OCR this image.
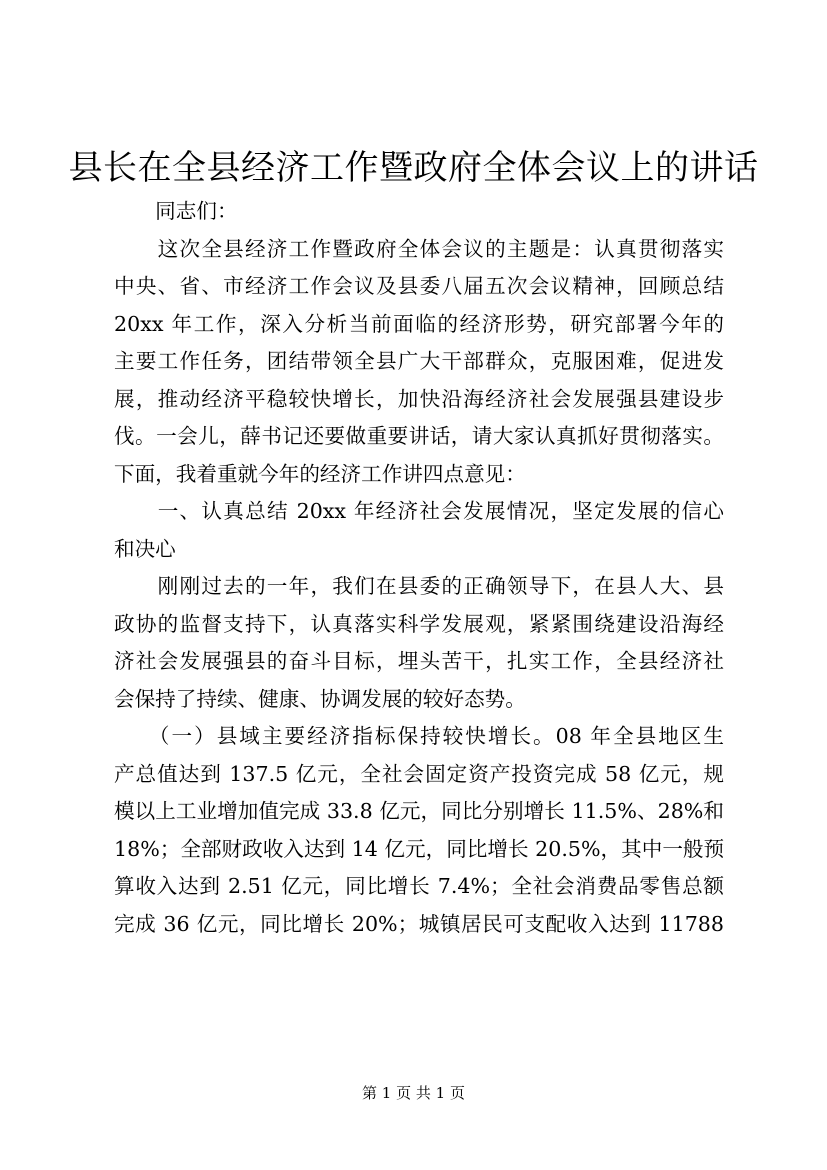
县长在全县经济工作暨政府全体会议上的讲话
　　同志们：
　　这次全县经济工作暨政府全体会议的主题是：认真贯彻落实
中央、省、市经济工作会议及县委八届五次会议精神，回顾总结
20xx 年工作，深入分析当前面临的经济形势，研究部署今年的
主要工作任务，团结带领全县广大干部群众，克服困难，促进发
展，推动经济平稳较快增长，加快沿海经济社会发展强县建设步
伐。一会儿，薛书记还要做重要讲话，请大家认真抓好贯彻落实。
下面，我着重就今年的经济工作讲四点意见：
　　一、认真总结 20xx 年经济社会发展情况，坚定发展的信心
和决心
　　刚刚过去的一年，我们在县委的正确领导下，在县人大、县
政协的监督支持下，认真落实科学发展观，紧紧围绕建设沿海经
济社会发展强县的奋斗目标，埋头苦干，扎实工作，全县经济社
会保持了持续、健康、协调发展的较好态势。
　　（一）县域主要经济指标保持较快增长。08 年全县地区生
产总值达到 137.5 亿元，全社会固定资产投资完成 58 亿元，规
模以上工业增加值完成 33.8 亿元，同比分别增长 11.5%、28%和
18%；全部财政收入达到 14 亿元，同比增长 20.5%，其中一般预
算收入达到 2.51 亿元，同比增长 7.4%；全社会消费品零售总额
完成 36 亿元，同比增长 20%；城镇居民可支配收入达到 11788
第 1 页 共 1 页
